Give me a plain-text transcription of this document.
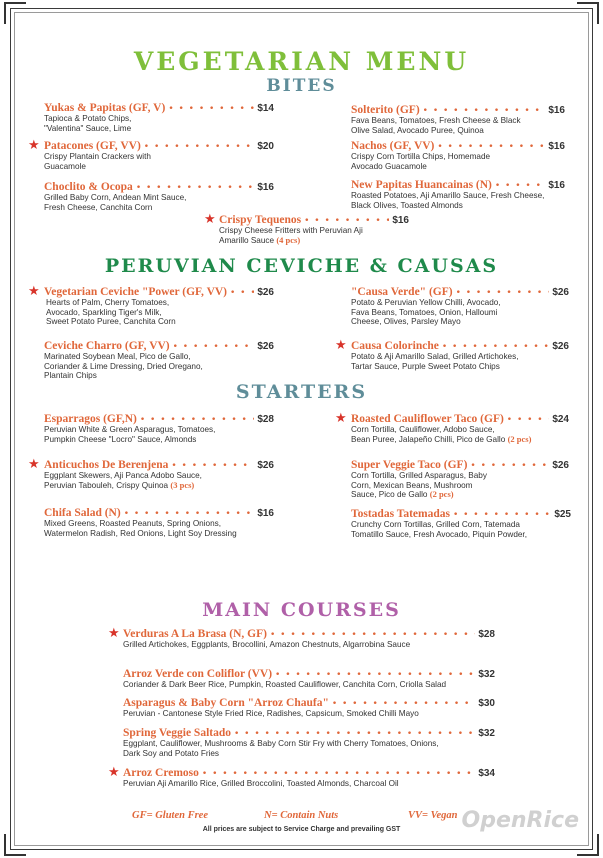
VEGETARIAN MENU
BITES
Yukas & Papitas (GF, V) • • •	$14
Tapioca & Potato Chips,
"Valentina" Sauce, Lime
★ Patacones (GF, VV) • • •	$20
Crispy Plantain Crackers with
Guacamole
Choclito & Ocopa • • •	$16
Grilled Baby Corn, Andean Mint Sauce,
Fresh Cheese, Canchita Corn
Solterito (GF) • • •	$16
Fava Beans, Tomatoes, Fresh Cheese & Black
Olive Salad, Avocado Puree, Quinoa
Nachos (GF, VV) • • •	$16
Crispy Corn Tortilla Chips, Homemade
Avocado Guacamole
New Papitas Huancainas (N) • • •	$16
Roasted Potatoes, Aji Amarillo Sauce, Fresh Cheese,
Black Olives, Toasted Almonds
★ Crispy Tequenos • • •	$16
Crispy Cheese Fritters with Peruvian Aji
Amarillo Sauce (4 pcs)
PERUVIAN CEVICHE & CAUSAS
★ Vegetarian Ceviche "Power (GF, VV) • • •	$26
Hearts of Palm, Cherry Tomatoes,
Avocado, Sparkling Tiger's Milk,
Sweet Potato Puree, Canchita Corn
Ceviche Charro (GF, VV) • • •	$26
Marinated Soybean Meal, Pico de Gallo,
Coriander & Lime Dressing, Dried Oregano,
Plantain Chips
"Causa Verde" (GF) • • •	$26
Potato & Peruvian Yellow Chilli, Avocado,
Fava Beans, Tomatoes, Onion, Halloumi
Cheese, Olives, Parsley Mayo
★ Causa Colorinche • • •	$26
Potato & Aji Amarillo Salad, Grilled Artichokes,
Tartar Sauce, Purple Sweet Potato Chips
STARTERS
Esparragos (GF,N) • • •	$28
Peruvian White & Green Asparagus, Tomatoes,
Pumpkin Cheese "Locro" Sauce, Almonds
★ Anticuchos De Berenjena • • •	$26
Eggplant Skewers, Aji Panca Adobo Sauce,
Peruvian Tabouleh, Crispy Quinoa (3 pcs)
Chifa Salad (N) • • •	$16
Mixed Greens, Roasted Peanuts, Spring Onions,
Watermelon Radish, Red Onions, Light Soy Dressing
★ Roasted Cauliflower Taco (GF) • • •	$24
Corn Tortilla, Cauliflower, Adobo Sauce,
Bean Puree, Jalapeño Chilli, Pico de Gallo (2 pcs)
Super Veggie Taco (GF) • • •	$26
Corn Tortilla, Grilled Asparagus, Baby
Corn, Mexican Beans, Mushroom
Sauce, Pico de Gallo (2 pcs)
Tostadas Tatemadas • • •	$25
Crunchy Corn Tortillas, Grilled Corn, Tatemada
Tomatillo Sauce, Fresh Avocado, Piquin Powder,
MAIN COURSES
★ Verduras A La Brasa (N, GF) • • •	$28
Grilled Artichokes, Eggplants, Brocollini, Amazon Chestnuts, Algarrobina Sauce
Arroz Verde con Coliflor (VV) • • •	$32
Coriander & Dark Beer Rice, Pumpkin, Roasted Cauliflower, Canchita Corn, Criolla Salad
Asparagus & Baby Corn "Arroz Chaufa" • • •	$30
Peruvian - Cantonese Style Fried Rice, Radishes, Capsicum, Smoked Chilli Mayo
Spring Veggie Saltado • • •	$32
Eggplant, Cauliflower, Mushrooms & Baby Corn Stir Fry with Cherry Tomatoes, Onions,
Dark Soy and Potato Fries
★ Arroz Cremoso • • •	$34
Peruvian Aji Amarillo Rice, Grilled Broccolini, Toasted Almonds, Charcoal Oil
GF= Gluten Free	N= Contain Nuts	VV= Vegan
All prices are subject to Service Charge and prevailing GST	OpenRice
